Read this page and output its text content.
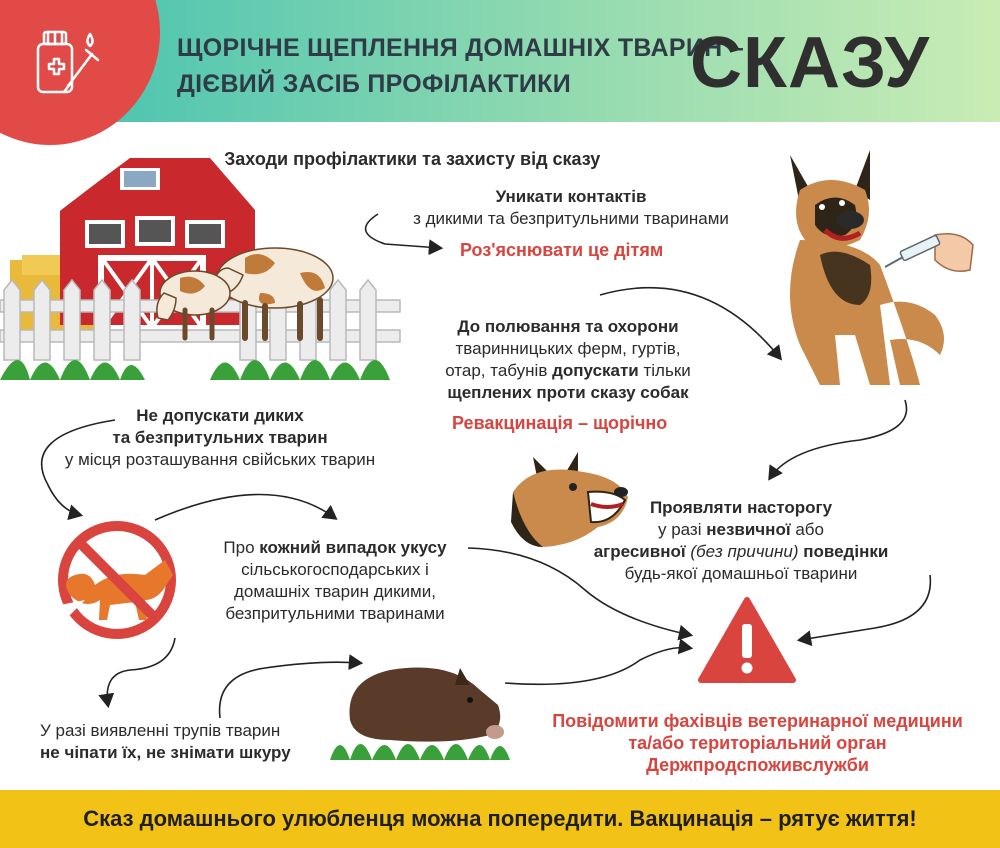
ЩОРІЧНЕ ЩЕПЛЕННЯ ДОМАШНІХ ТВАРИН –
ДІЄВИЙ ЗАСІБ ПРОФІЛАКТИКИ СКАЗУ
Заходи профілактики та захисту від сказу
Уникати контактів
з дикими та безпритульними тваринами
Роз'яснювати це дітям
До полювання та охорони
тваринницьких ферм, гуртів,
отар, табунів допускати тільки
щеплених проти сказу собак
Ревакцинація – щорічно
Не допускати диких
та безпритульних тварин
у місця розташування свійських тварин
Про кожний випадок укусу
сільськогосподарських і
домашніх тварин дикими,
безпритульними тваринами
Проявляти насторогу
у разі незвичної або
агресивної (без причини) поведінки
будь-якої домашньої тварини
У разі виявленні трупів тварин
не чіпати їх, не знімати шкуру
Повідомити фахівців ветеринарної медицини
та/або територіальний орган
Держпродспоживслужби
Сказ домашнього улюбленця можна попередити. Вакцинація – рятує життя!
